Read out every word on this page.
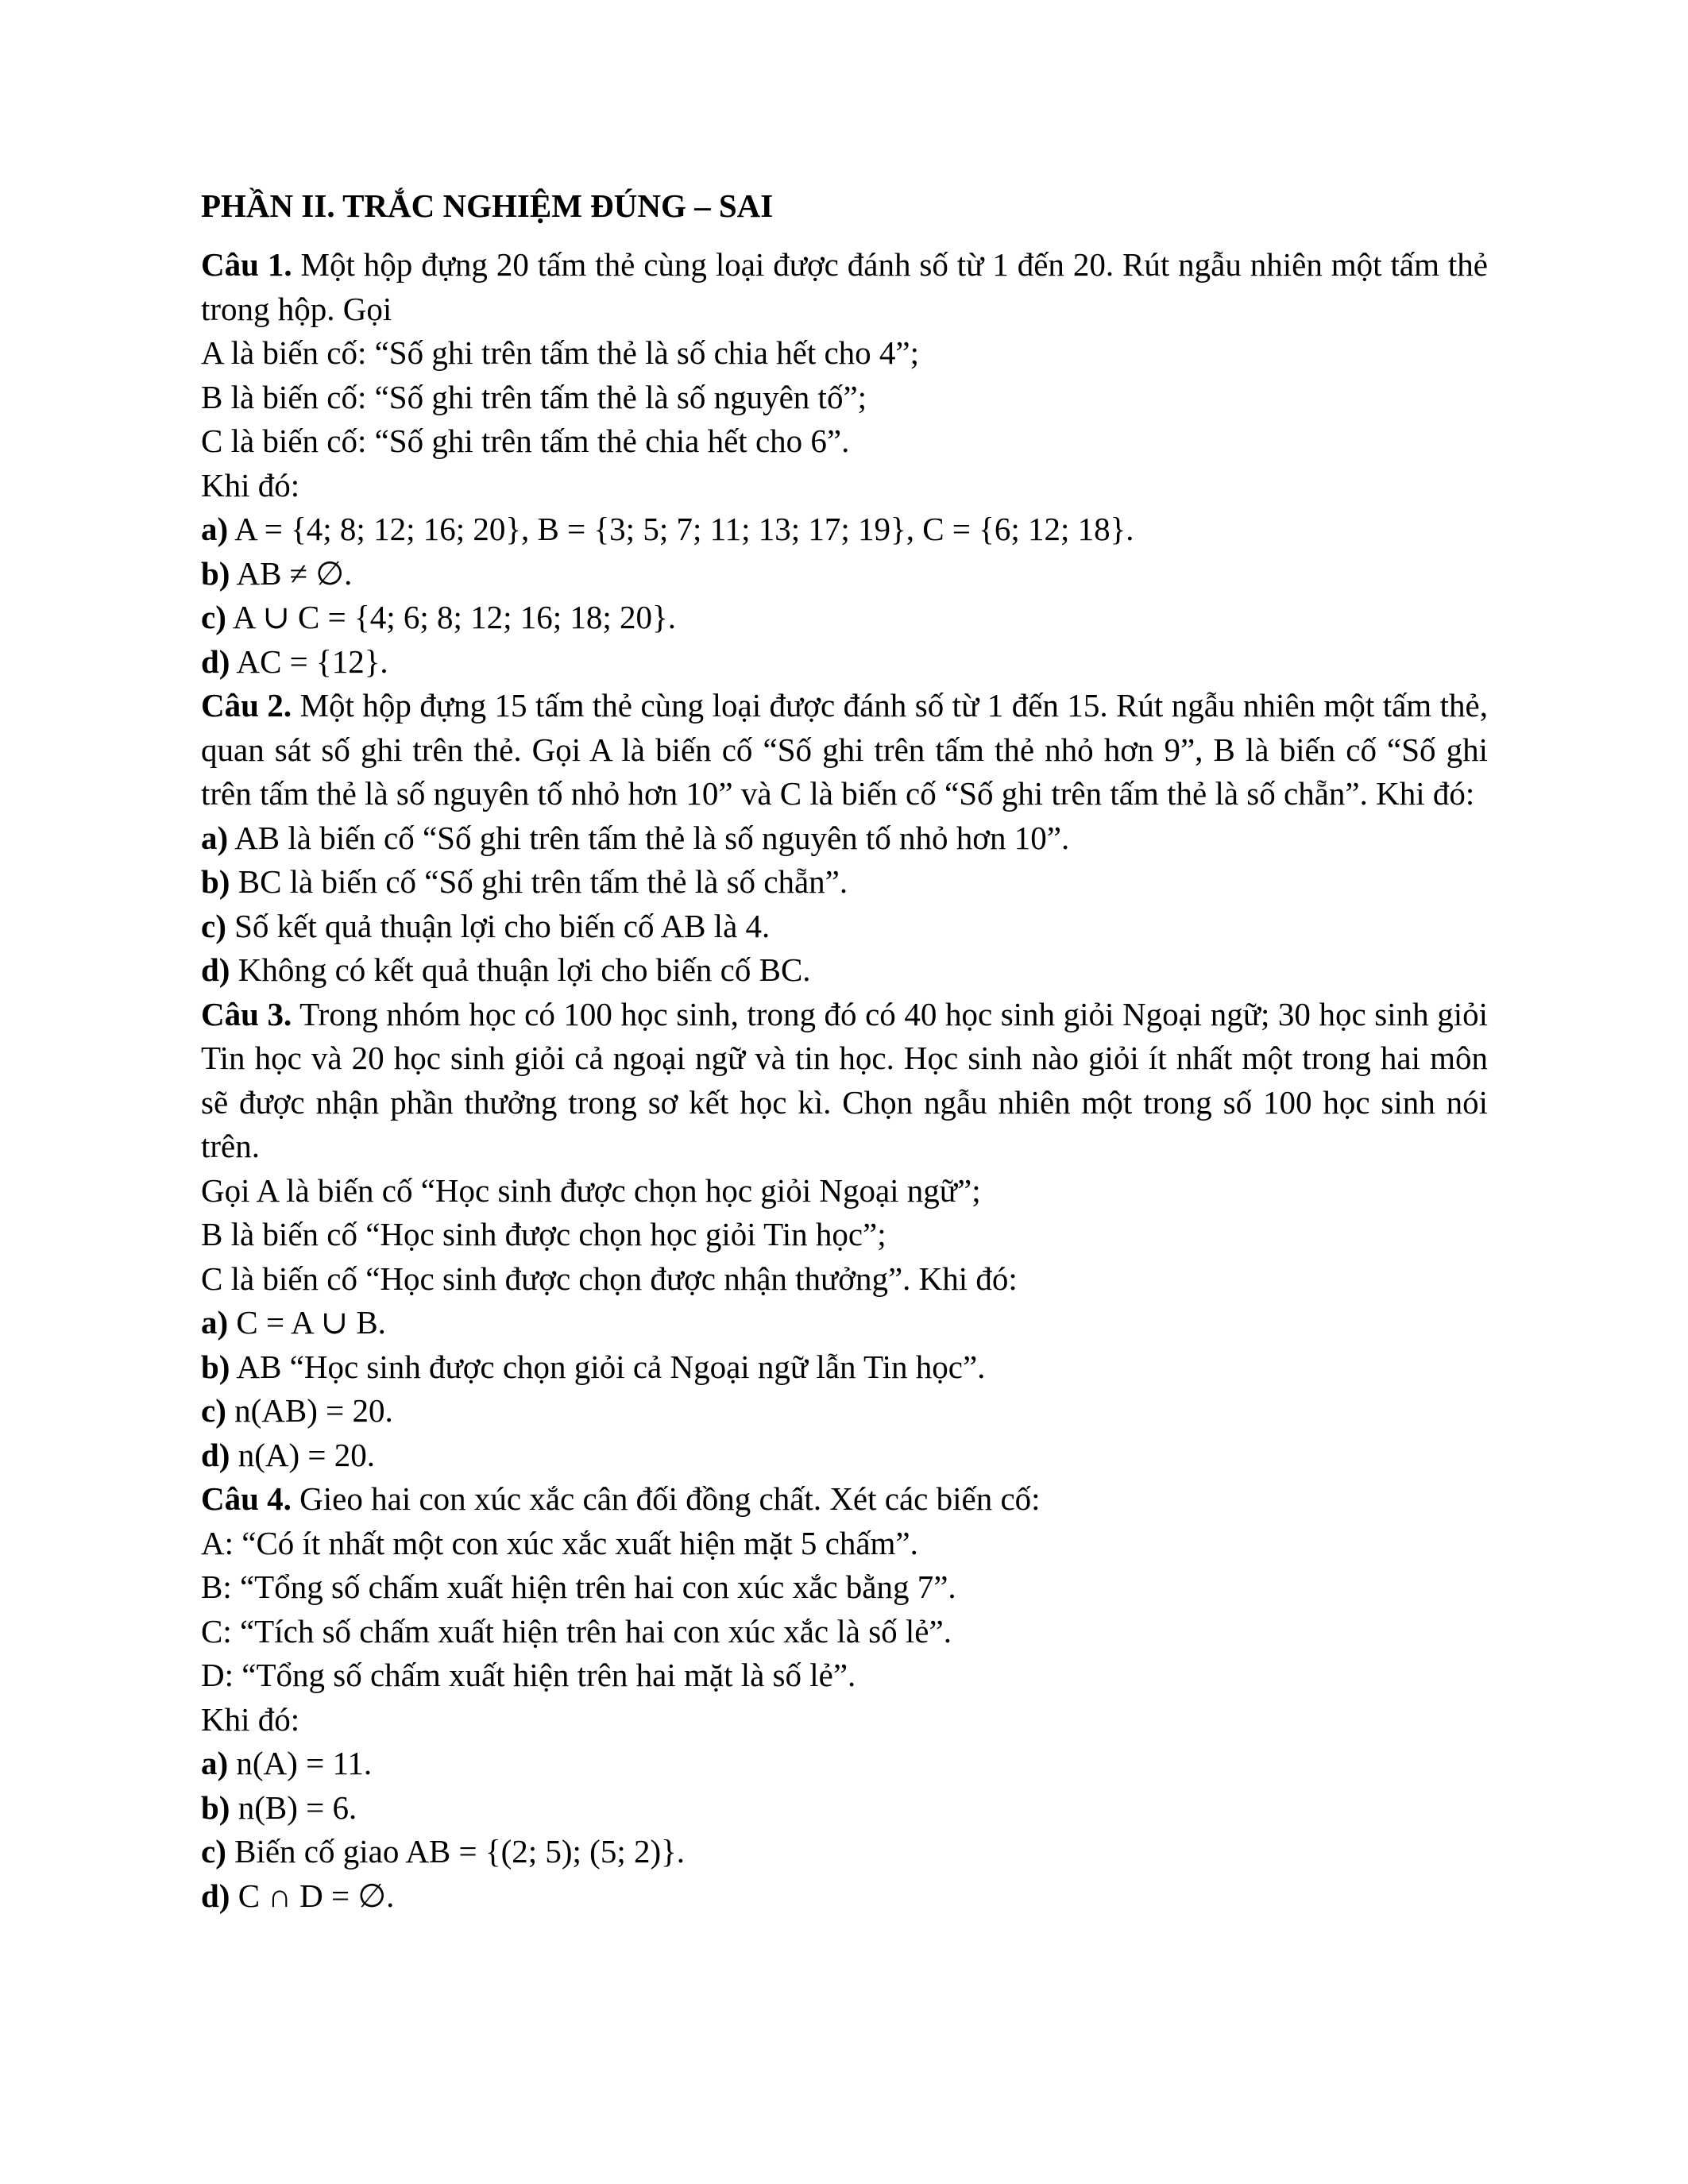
PHẦN II. TRẮC NGHIỆM ĐÚNG – SAI

Câu 1. Một hộp đựng 20 tấm thẻ cùng loại được đánh số từ 1 đến 20. Rút ngẫu nhiên một tấm thẻ trong hộp. Gọi

A là biến cố: “Số ghi trên tấm thẻ là số chia hết cho 4”;

B là biến cố: “Số ghi trên tấm thẻ là số nguyên tố”;

C là biến cố: “Số ghi trên tấm thẻ chia hết cho 6”.

Khi đó:

a) A = {4; 8; 12; 16; 20}, B = {3; 5; 7; 11; 13; 17; 19}, C = {6; 12; 18}.

b) AB ≠ ∅.

c) A ∪ C = {4; 6; 8; 12; 16; 18; 20}.

d) AC = {12}.

Câu 2. Một hộp đựng 15 tấm thẻ cùng loại được đánh số từ 1 đến 15. Rút ngẫu nhiên một tấm thẻ, quan sát số ghi trên thẻ. Gọi A là biến cố “Số ghi trên tấm thẻ nhỏ hơn 9”, B là biến cố “Số ghi trên tấm thẻ là số nguyên tố nhỏ hơn 10” và C là biến cố “Số ghi trên tấm thẻ là số chẵn”. Khi đó:

a) AB là biến cố “Số ghi trên tấm thẻ là số nguyên tố nhỏ hơn 10”.

b) BC là biến cố “Số ghi trên tấm thẻ là số chẵn”.

c) Số kết quả thuận lợi cho biến cố AB là 4.

d) Không có kết quả thuận lợi cho biến cố BC.

Câu 3. Trong nhóm học có 100 học sinh, trong đó có 40 học sinh giỏi Ngoại ngữ; 30 học sinh giỏi Tin học và 20 học sinh giỏi cả ngoại ngữ và tin học. Học sinh nào giỏi ít nhất một trong hai môn sẽ được nhận phần thưởng trong sơ kết học kì. Chọn ngẫu nhiên một trong số 100 học sinh nói trên.

Gọi A là biến cố “Học sinh được chọn học giỏi Ngoại ngữ”;

B là biến cố “Học sinh được chọn học giỏi Tin học”;

C là biến cố “Học sinh được chọn được nhận thưởng”. Khi đó:

a) C = A ∪ B.

b) AB “Học sinh được chọn giỏi cả Ngoại ngữ lẫn Tin học”.

c) n(AB) = 20.

d) n(A) = 20.

Câu 4. Gieo hai con xúc xắc cân đối đồng chất. Xét các biến cố:

A: “Có ít nhất một con xúc xắc xuất hiện mặt 5 chấm”.

B: “Tổng số chấm xuất hiện trên hai con xúc xắc bằng 7”.

C: “Tích số chấm xuất hiện trên hai con xúc xắc là số lẻ”.

D: “Tổng số chấm xuất hiện trên hai mặt là số lẻ”.

Khi đó:

a) n(A) = 11.

b) n(B) = 6.

c) Biến cố giao AB = {(2; 5); (5; 2)}.

d) C ∩ D = ∅.
